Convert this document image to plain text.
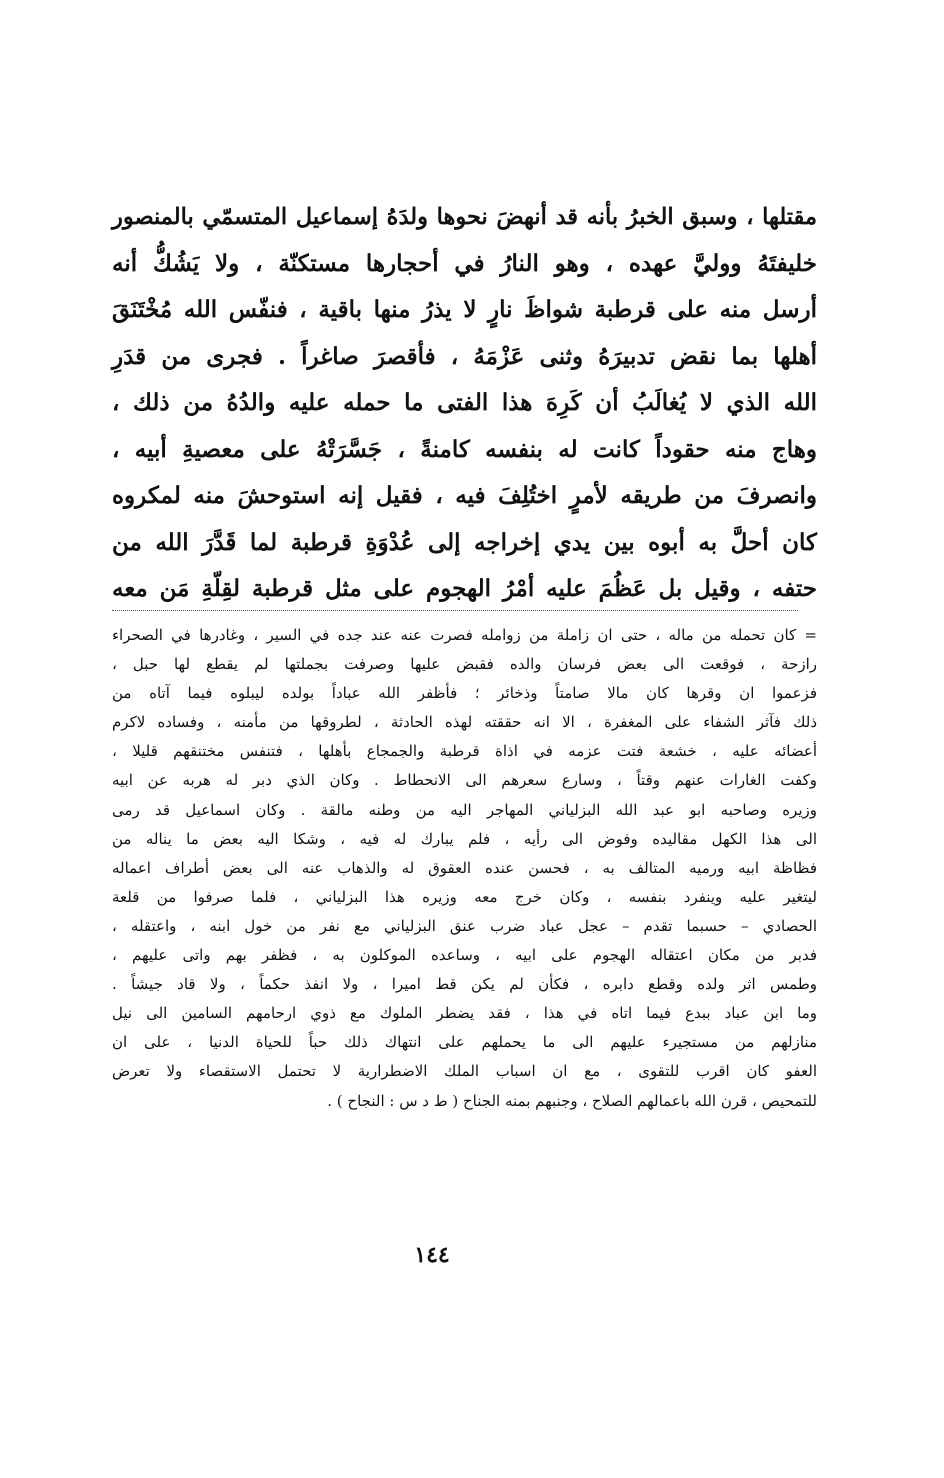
مقتلها ، وسبق الخبرُ بأنه قد أنهضَ نحوها ولدَهُ إسماعيل المتسمّي بالمنصور
خليفتَهُ ووليَّ عهده ، وهو النارُ في أحجارها مستكنّة ، ولا يَشُكُّ أنه
أرسل منه على قرطبة شواظَ نارٍ لا يذرُ منها باقية ، فنفّس الله مُخْتَنَقَ
أهلها بما نقض تدبيرَهُ وثنى عَزْمَهُ ، فأقصرَ صاغراً . فجرى من قدَرِ
الله الذي لا يُغالَبُ أن كَرِهَ هذا الفتى ما حمله عليه والدُهُ من ذلك ،
وهاج منه حقوداً كانت له بنفسه كامنةً ، جَسَّرَتْهُ على معصيةِ أبيه ،
وانصرفَ من طريقه لأمرٍ اختُلِفَ فيه ، فقيل إنه استوحشَ منه لمكروه
كان أحلَّ به أبوه بين يدي إخراجه إلى عُدْوَةِ قرطبة لما قَدَّرَ الله من
حتفه ، وقيل بل عَظُمَ عليه أمْرُ الهجوم على مثل قرطبة لقِلّةِ مَن معه
= كان تحمله من ماله ، حتى ان زاملة من زوامله فصرت عنه عند جده في السير ، وغادرها في الصحراء
رازحة ، فوقعت الى بعض فرسان والده فقبض عليها وصرفت بجملتها لم يقطع لها حبل ،
فزعموا ان وقرها كان مالا صامتاً وذخائر ؛ فأظفر الله عباداً بولده ليبلوه فيما آتاه من
ذلك فآثر الشفاء على المغفرة ، الا انه حققته لهذه الحادثة ، لطروقها من مأمنه ، وفساده لاكرم
أعضائه عليه ، خشعة فتت عزمه في اذاة قرطبة والجمجاع بأهلها ، فتنفس مختنقهم قليلا ،
وكفت الغارات عنهم وقتاً ، وسارع سعرهم الى الانحطاط . وكان الذي دبر له هربه عن ابيه
وزيره وصاحبه ابو عبد الله البزلياني المهاجر اليه من وطنه مالقة . وكان اسماعيل قد رمى
الى هذا الكهل مقاليده وفوض الى رأيه ، فلم يبارك له فيه ، وشكا اليه بعض ما يناله من
فظاظة ابيه ورميه المتالف به ، فحسن عنده العقوق له والذهاب عنه الى بعض أطراف اعماله
ليتغير عليه وينفرد بنفسه ، وكان خرج معه وزيره هذا البزلياني ، فلما صرفوا من قلعة
الحصادي – حسبما تقدم – عجل عباد ضرب عنق البزلياني مع نفر من خول ابنه ، واعتقله ،
فدبر من مكان اعتقاله الهجوم على ابيه ، وساعده الموكلون به ، فظفر بهم واتى عليهم ،
وطمس اثر ولده وقطع دابره ، فكأن لم يكن قط اميرا ، ولا انفذ حكماً ، ولا قاد جيشاً .
وما ابن عباد ببدع فيما اتاه في هذا ، فقد يضطر الملوك مع ذوي ارحامهم السامين الى نيل
منازلهم من مستجيرء عليهم الى ما يحملهم على انتهاك ذلك حباً للحياة الدنيا ، على ان
العفو كان اقرب للتقوى ، مع ان اسباب الملك الاضطرارية لا تحتمل الاستقصاء ولا تعرض
للتمحيص ، قرن الله باعمالهم الصلاح ، وجنبهم بمنه الجناح ( ط د س : النجاح ) .
١٤٤
